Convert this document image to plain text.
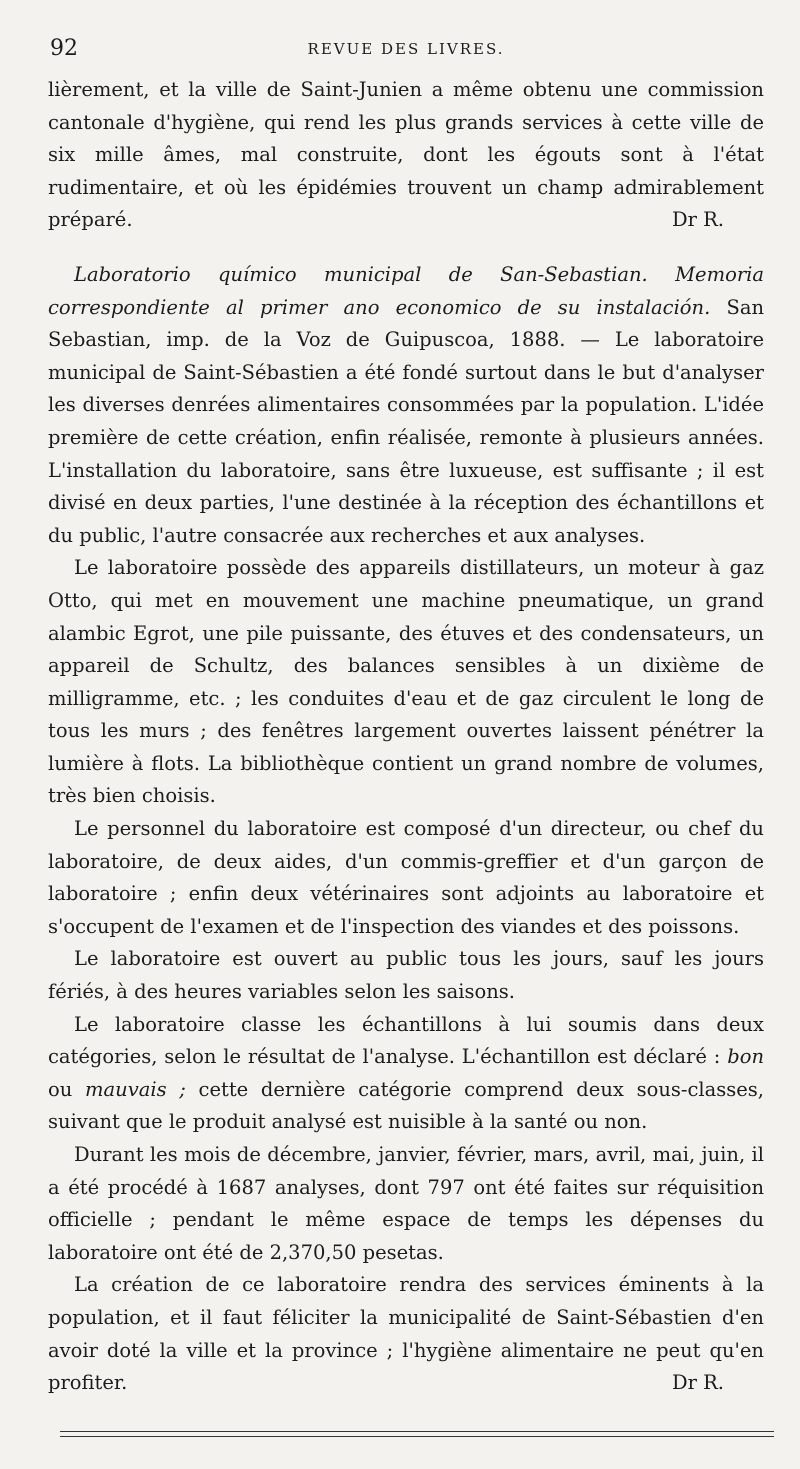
92	REVUE DES LIVRES.

lièrement, et la ville de Saint-Junien a même obtenu une commission cantonale d'hygiène, qui rend les plus grands services à cette ville de six mille âmes, mal construite, dont les égouts sont à l'état rudimentaire, et où les épidémies trouvent un champ admirablement préparé.	Dr R.

Laboratorio químico municipal de San-Sebastian. Memoria correspondiente al primer ano economico de su instalación. San Sebastian, imp. de la Voz de Guipuscoa, 1888. — Le laboratoire municipal de Saint-Sébastien a été fondé surtout dans le but d'analyser les diverses denrées alimentaires consommées par la population. L'idée première de cette création, enfin réalisée, remonte à plusieurs années. L'installation du laboratoire, sans être luxueuse, est suffisante ; il est divisé en deux parties, l'une destinée à la réception des échantillons et du public, l'autre consacrée aux recherches et aux analyses.

Le laboratoire possède des appareils distillateurs, un moteur à gaz Otto, qui met en mouvement une machine pneumatique, un grand alambic Egrot, une pile puissante, des étuves et des condensateurs, un appareil de Schultz, des balances sensibles à un dixième de milligramme, etc. ; les conduites d'eau et de gaz circulent le long de tous les murs ; des fenêtres largement ouvertes laissent pénétrer la lumière à flots. La bibliothèque contient un grand nombre de volumes, très bien choisis.

Le personnel du laboratoire est composé d'un directeur, ou chef du laboratoire, de deux aides, d'un commis-greffier et d'un garçon de laboratoire ; enfin deux vétérinaires sont adjoints au laboratoire et s'occupent de l'examen et de l'inspection des viandes et des poissons.

Le laboratoire est ouvert au public tous les jours, sauf les jours fériés, à des heures variables selon les saisons.

Le laboratoire classe les échantillons à lui soumis dans deux catégories, selon le résultat de l'analyse. L'échantillon est déclaré : bon ou mauvais ; cette dernière catégorie comprend deux sous-classes, suivant que le produit analysé est nuisible à la santé ou non.

Durant les mois de décembre, janvier, février, mars, avril, mai, juin, il a été procédé à 1687 analyses, dont 797 ont été faites sur réquisition officielle ; pendant le même espace de temps les dépenses du laboratoire ont été de 2,370,50 pesetas.

La création de ce laboratoire rendra des services éminents à la population, et il faut féliciter la municipalité de Saint-Sébastien d'en avoir doté la ville et la province ; l'hygiène alimentaire ne peut qu'en profiter.	Dr R.
